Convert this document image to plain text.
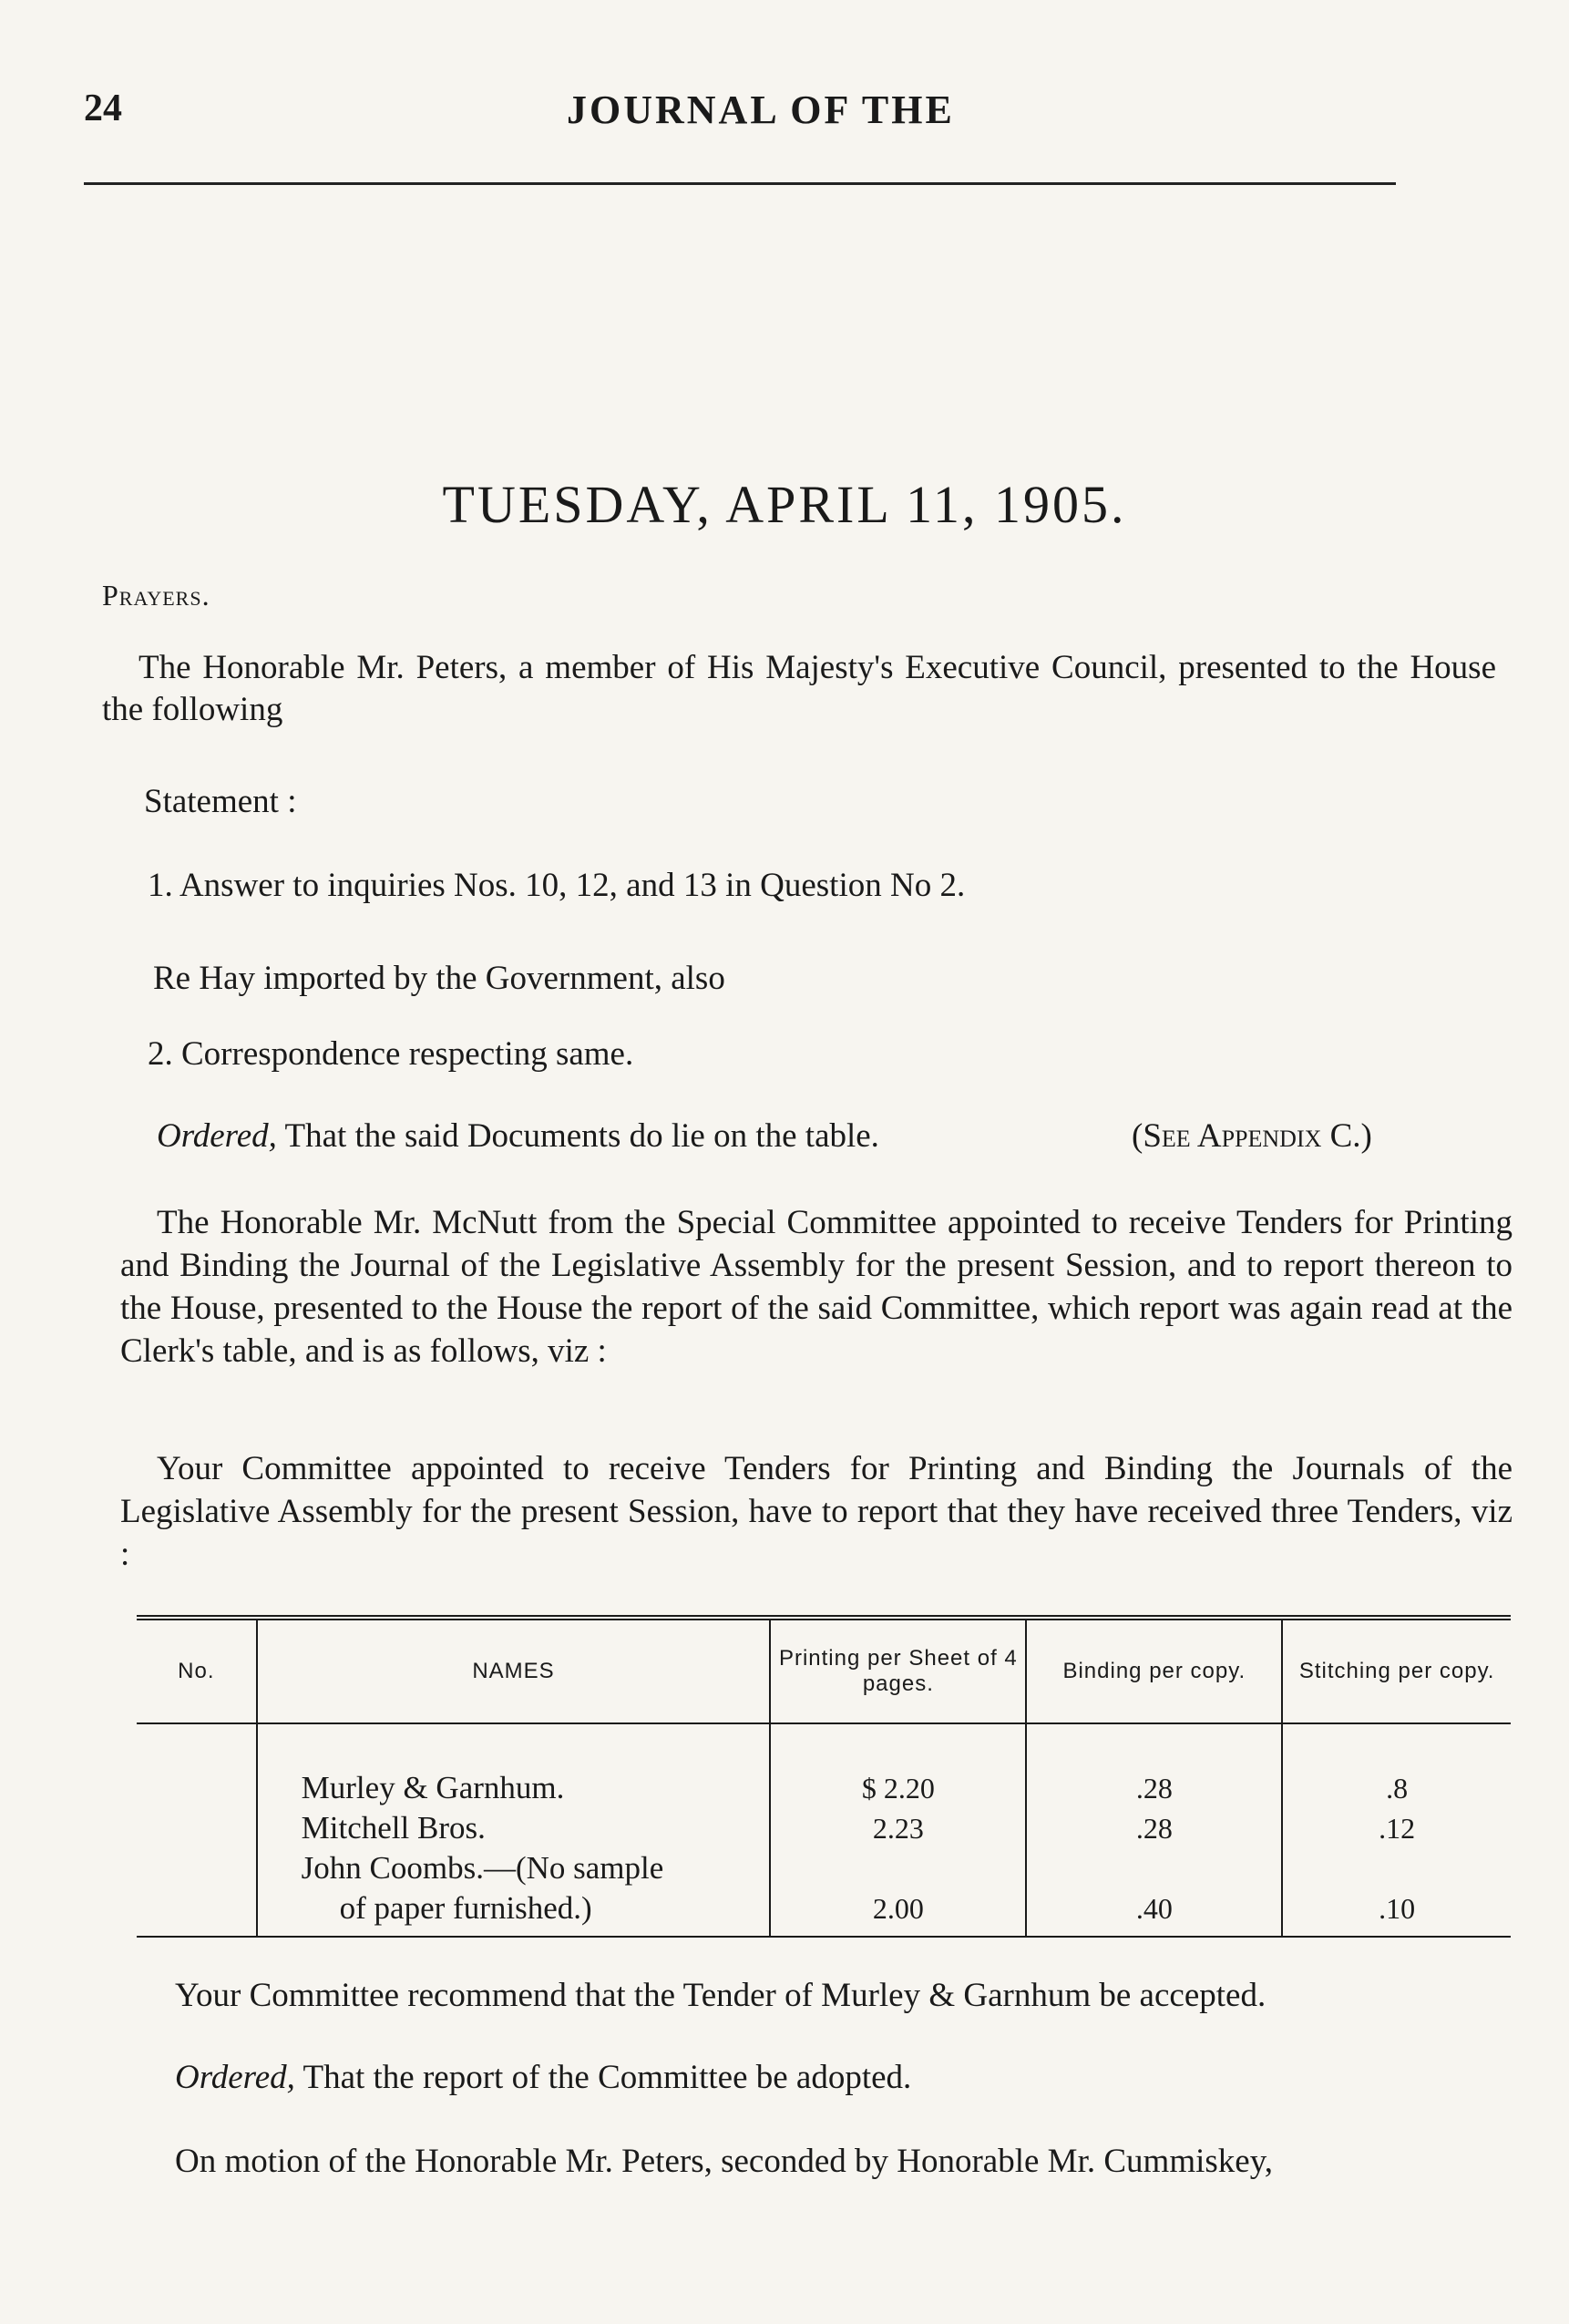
24	JOURNAL OF THE
TUESDAY, APRIL 11, 1905.
Prayers.
The Honorable Mr. Peters, a member of His Majesty's Executive Council, presented to the House the following
Statement :
1. Answer to inquiries Nos. 10, 12, and 13 in Question No 2.
Re Hay imported by the Government, also
2. Correspondence respecting same.
Ordered, That the said Documents do lie on the table.	(See Appendix C.)
The Honorable Mr. McNutt from the Special Committee appointed to receive Tenders for Printing and Binding the Journal of the Legislative Assembly for the present Session, and to report thereon to the House, presented to the House the report of the said Committee, which report was again read at the Clerk's table, and is as follows, viz :
Your Committee appointed to receive Tenders for Printing and Binding the Journals of the Legislative Assembly for the present Session, have to report that they have received three Tenders, viz :
No.	NAMES	Printing per Sheet of 4 pages.	Binding per copy.	Stitching per copy.
	Murley & Garnhum.	$ 2.20	.28	.8
	Mitchell Bros.	2.23	.28	.12
	John Coombs.—(No sample			
	of paper furnished.)	2.00	.40	.10
Your Committee recommend that the Tender of Murley & Garnhum be accepted.
Ordered, That the report of the Committee be adopted.
On motion of the Honorable Mr. Peters, seconded by Honorable Mr. Cummiskey,
